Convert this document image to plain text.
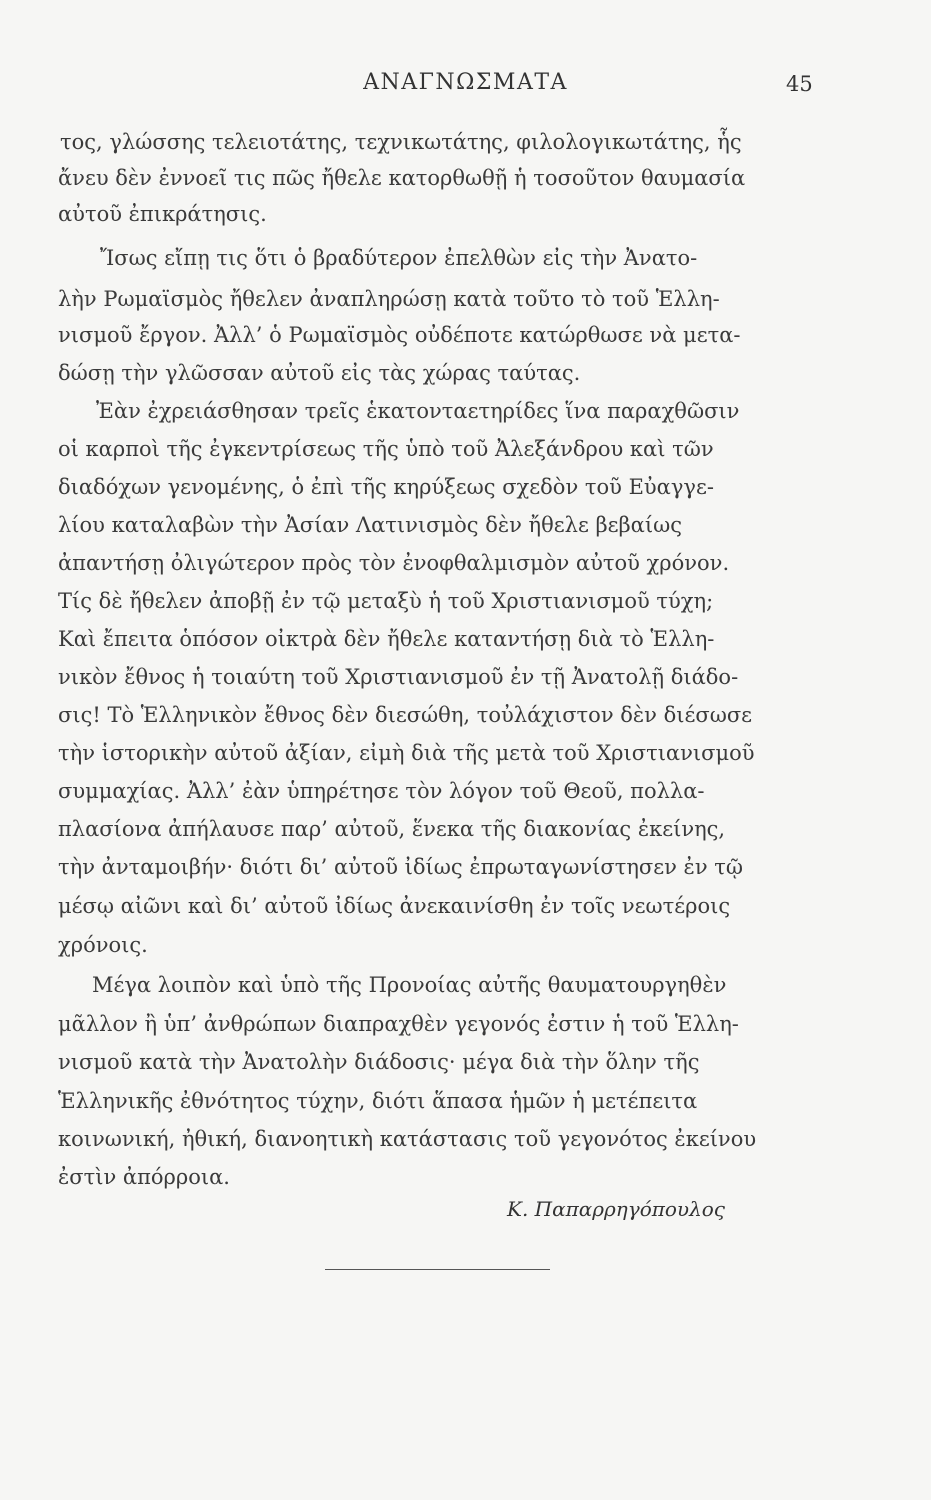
ΑΝΑΓΝΩΣΜΑΤΑ	45
τος, γλώσσης τελειοτάτης, τεχνικωτάτης, φιλολογικωτάτης, ἧς
ἄνευ δὲν ἐννοεῖ τις πῶς ἤθελε κατορθωθῇ ἡ τοσοῦτον θαυμασία
αὐτοῦ ἐπικράτησις.
Ἴσως εἴπῃ τις ὅτι ὁ βραδύτερον ἐπελθὼν εἰς τὴν Ἀνατο-
λὴν Ρωμαϊσμὸς ἤθελεν ἀναπληρώσῃ κατὰ τοῦτο τὸ τοῦ Ἑλλη-
νισμοῦ ἔργον. Ἀλλ’ ὁ Ρωμαϊσμὸς οὐδέποτε κατώρθωσε νὰ μετα-
δώσῃ τὴν γλῶσσαν αὐτοῦ εἰς τὰς χώρας ταύτας.
Ἐὰν ἐχρειάσθησαν τρεῖς ἑκατονταετηρίδες ἵνα παραχθῶσιν
οἱ καρποὶ τῆς ἐγκεντρίσεως τῆς ὑπὸ τοῦ Ἀλεξάνδρου καὶ τῶν
διαδόχων γενομένης, ὁ ἐπὶ τῆς κηρύξεως σχεδὸν τοῦ Εὐαγγε-
λίου καταλαβὼν τὴν Ἀσίαν Λατινισμὸς δὲν ἤθελε βεβαίως
ἀπαντήσῃ ὀλιγώτερον πρὸς τὸν ἐνοφθαλμισμὸν αὐτοῦ χρόνον.
Τίς δὲ ἤθελεν ἀποβῇ ἐν τῷ μεταξὺ ἡ τοῦ Χριστιανισμοῦ τύχη;
Καὶ ἔπειτα ὁπόσον οἰκτρὰ δὲν ἤθελε καταντήσῃ διὰ τὸ Ἑλλη-
νικὸν ἔθνος ἡ τοιαύτη τοῦ Χριστιανισμοῦ ἐν τῇ Ἀνατολῇ διάδο-
σις! Τὸ Ἑλληνικὸν ἔθνος δὲν διεσώθη, τοὐλάχιστον δὲν διέσωσε
τὴν ἱστορικὴν αὐτοῦ ἀξίαν, εἰμὴ διὰ τῆς μετὰ τοῦ Χριστιανισμοῦ
συμμαχίας. Ἀλλ’ ἐὰν ὑπηρέτησε τὸν λόγον τοῦ Θεοῦ, πολλα-
πλασίονα ἀπήλαυσε παρ’ αὐτοῦ, ἕνεκα τῆς διακονίας ἐκείνης,
τὴν ἀνταμοιβήν· διότι δι’ αὐτοῦ ἰδίως ἐπρωταγωνίστησεν ἐν τῷ
μέσῳ αἰῶνι καὶ δι’ αὐτοῦ ἰδίως ἀνεκαινίσθη ἐν τοῖς νεωτέροις
χρόνοις.
Μέγα λοιπὸν καὶ ὑπὸ τῆς Προνοίας αὐτῆς θαυματουργηθὲν
μᾶλλον ἢ ὑπ’ ἀνθρώπων διαπραχθὲν γεγονός ἐστιν ἡ τοῦ Ἑλλη-
νισμοῦ κατὰ τὴν Ἀνατολὴν διάδοσις· μέγα διὰ τὴν ὅλην τῆς
Ἑλληνικῆς ἐθνότητος τύχην, διότι ἅπασα ἡμῶν ἡ μετέπειτα
κοινωνική, ἠθική, διανοητικὴ κατάστασις τοῦ γεγονότος ἐκείνου
ἐστὶν ἀπόρροια.
Κ. Παπαρρηγόπουλος
